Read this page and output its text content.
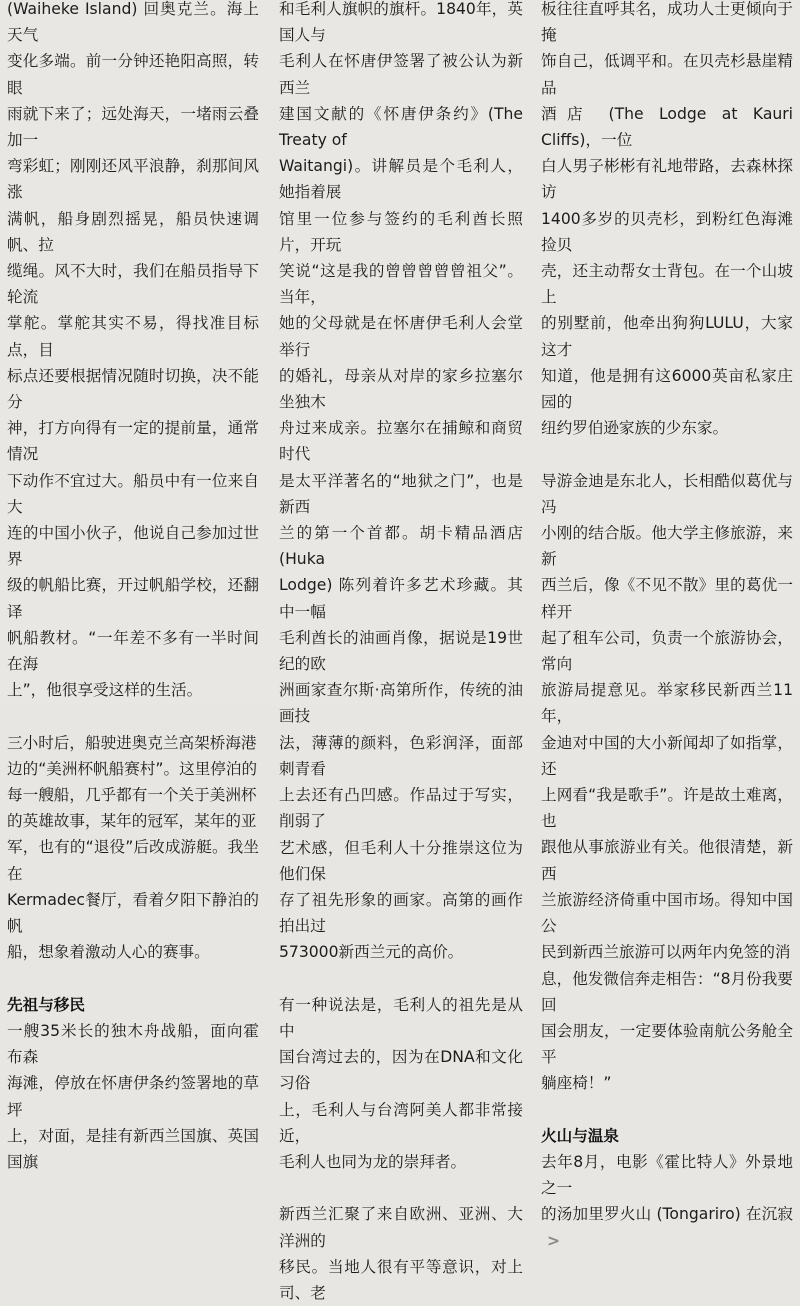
(Waiheke Island) 回奥克兰。海上天气
变化多端。前一分钟还艳阳高照，转眼
雨就下来了；远处海天，一堵雨云叠加一
弯彩虹；刚刚还风平浪静，刹那间风涨
满帆，船身剧烈摇晃，船员快速调帆、拉
缆绳。风不大时，我们在船员指导下轮流
掌舵。掌舵其实不易，得找准目标点，目
标点还要根据情况随时切换，决不能分
神，打方向得有一定的提前量，通常情况
下动作不宜过大。船员中有一位来自大
连的中国小伙子，他说自己参加过世界
级的帆船比赛，开过帆船学校，还翻译
帆船教材。“一年差不多有一半时间在海
上”，他很享受这样的生活。

三小时后，船驶进奥克兰高架桥海港
边的“美洲杯帆船赛村”。这里停泊的
每一艘船，几乎都有一个关于美洲杯
的英雄故事，某年的冠军，某年的亚
军，也有的“退役”后改成游艇。我坐在
Kermadec餐厅，看着夕阳下静泊的帆
船，想象着激动人心的赛事。

先祖与移民

一艘35米长的独木舟战船，面向霍布森
海滩，停放在怀唐伊条约签署地的草坪
上，对面，是挂有新西兰国旗、英国国旗

和毛利人旗帜的旗杆。1840年，英国人与
毛利人在怀唐伊签署了被公认为新西兰
建国文献的《怀唐伊条约》(The Treaty of
Waitangi)。讲解员是个毛利人，她指着展
馆里一位参与签约的毛利酋长照片，开玩
笑说“这是我的曾曾曾曾曾祖父”。当年，
她的父母就是在怀唐伊毛利人会堂举行
的婚礼，母亲从对岸的家乡拉塞尔坐独木
舟过来成亲。拉塞尔在捕鲸和商贸时代
是太平洋著名的“地狱之门”，也是新西
兰的第一个首都。胡卡精品酒店 (Huka
Lodge) 陈列着许多艺术珍藏。其中一幅
毛利酋长的油画肖像，据说是19世纪的欧
洲画家查尔斯·高第所作，传统的油画技
法，薄薄的颜料，色彩润泽，面部刺青看
上去还有凸凹感。作品过于写实，削弱了
艺术感，但毛利人十分推崇这位为他们保
存了祖先形象的画家。高第的画作拍出过
573000新西兰元的高价。

有一种说法是，毛利人的祖先是从中
国台湾过去的，因为在DNA和文化习俗
上，毛利人与台湾阿美人都非常接近，
毛利人也同为龙的崇拜者。

新西兰汇聚了来自欧洲、亚洲、大洋洲的
移民。当地人很有平等意识，对上司、老

板往往直呼其名，成功人士更倾向于掩
饰自己，低调平和。在贝壳杉悬崖精品
酒店 (The Lodge at Kauri Cliffs)，一位
白人男子彬彬有礼地带路，去森林探访
1400多岁的贝壳杉，到粉红色海滩捡贝
壳，还主动帮女士背包。在一个山坡上
的别墅前，他牵出狗狗LULU，大家这才
知道，他是拥有这6000英亩私家庄园的
纽约罗伯逊家族的少东家。

导游金迪是东北人，长相酷似葛优与冯
小刚的结合版。他大学主修旅游，来新
西兰后，像《不见不散》里的葛优一样开
起了租车公司，负责一个旅游协会，常向
旅游局提意见。举家移民新西兰11年，
金迪对中国的大小新闻却了如指掌，还
上网看“我是歌手”。许是故土难离，也
跟他从事旅游业有关。他很清楚，新西
兰旅游经济倚重中国市场。得知中国公
民到新西兰旅游可以两年内免签的消
息，他发微信奔走相告：“8月份我要回
国会朋友，一定要体验南航公务舱全平
躺座椅！”

火山与温泉

去年8月，电影《霍比特人》外景地之一
的汤加里罗火山 (Tongariro) 在沉寂>
